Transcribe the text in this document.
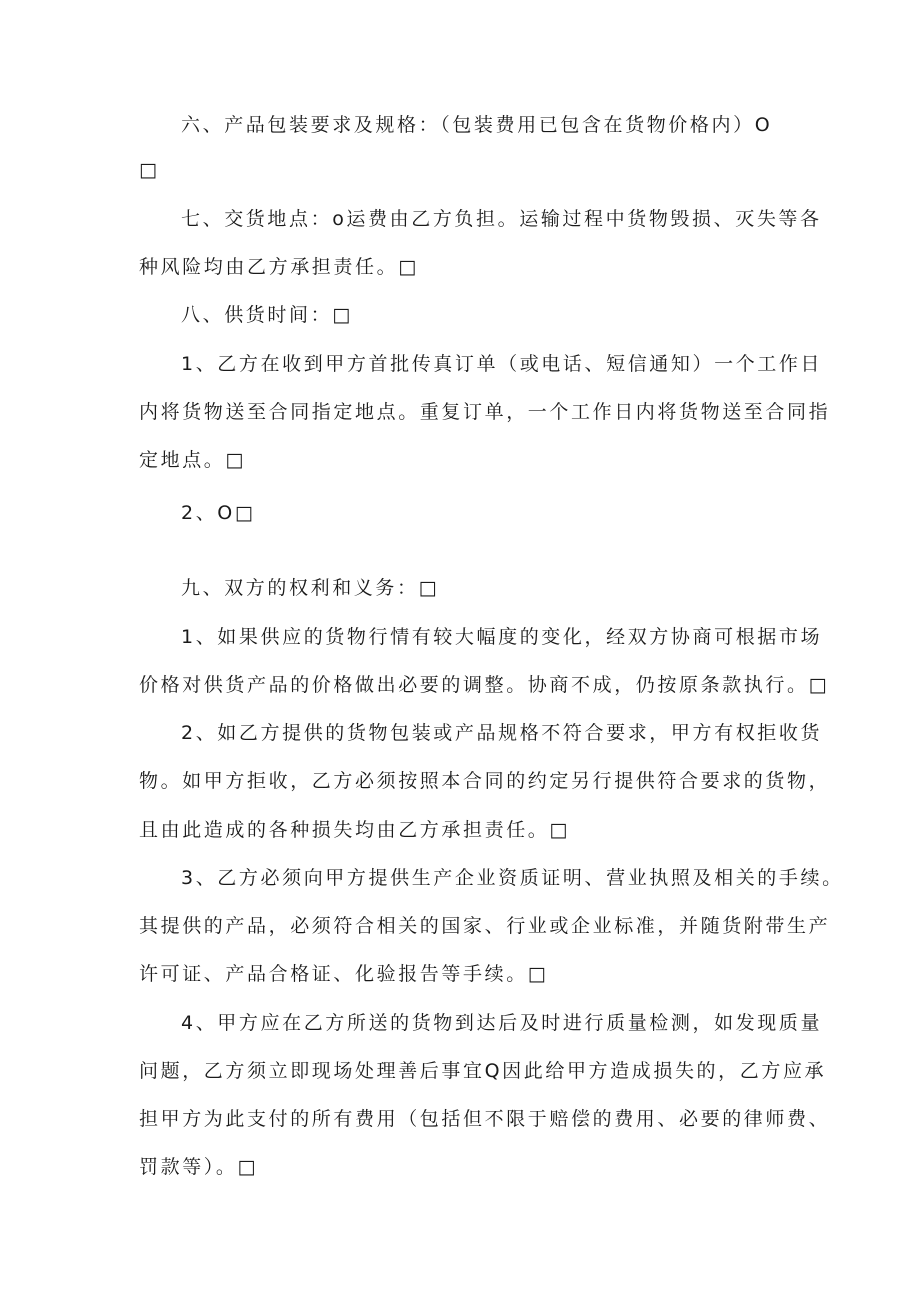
六、产品包装要求及规格：（包装费用已包含在货物价格内）O
□
七、交货地点：o运费由乙方负担。运输过程中货物毁损、灭失等各
种风险均由乙方承担责任。□
八、供货时间：□
1、乙方在收到甲方首批传真订单（或电话、短信通知）一个工作日
内将货物送至合同指定地点。重复订单，一个工作日内将货物送至合同指
定地点。□
2、O□
九、双方的权利和义务：□
1、如果供应的货物行情有较大幅度的变化，经双方协商可根据市场
价格对供货产品的价格做出必要的调整。协商不成，仍按原条款执行。□
2、如乙方提供的货物包装或产品规格不符合要求，甲方有权拒收货
物。如甲方拒收，乙方必须按照本合同的约定另行提供符合要求的货物，
且由此造成的各种损失均由乙方承担责任。□
3、乙方必须向甲方提供生产企业资质证明、营业执照及相关的手续。
其提供的产品，必须符合相关的国家、行业或企业标准，并随货附带生产
许可证、产品合格证、化验报告等手续。□
4、甲方应在乙方所送的货物到达后及时进行质量检测，如发现质量
问题，乙方须立即现场处理善后事宜Q因此给甲方造成损失的，乙方应承
担甲方为此支付的所有费用（包括但不限于赔偿的费用、必要的律师费、
罚款等）。□
